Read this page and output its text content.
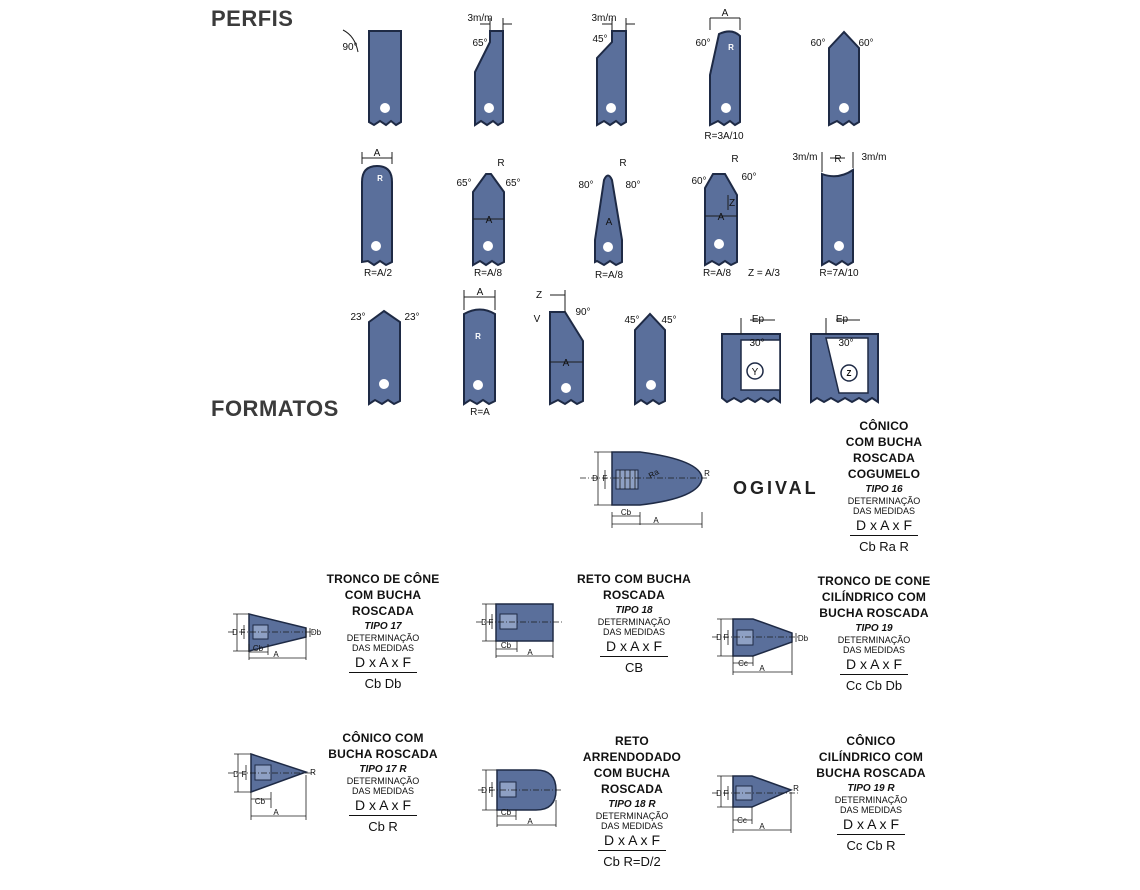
PERFIS
FORMATOS
A
90°
3m/m
65°
B
3m/m
45°
C
A
60° R
D
R=3A/10
60°	60°
E
A
R
F
R=A/2
R
65°	65°
A
G
R=A/8
R
80°	80°
A
H
R=A/8
R
60°	60°
Z
A
I
R=A/8 Z = A/3
3m/m R 3m/m
J
R=7A/10
23°	23°
K
A
R
L
R=A
Z
V
90°
A
N
45° 45°
O
Ep
30°
Y
Ep
30°
Z
D F
Cb
A
Ra	R
D F
Cb
A
Db
D F
Cb
A
D F
Cc
A
Db
D F
Cb
A
R
D F
Cb
A
D F
Cc
A
R
OGIVAL
CÔNICO
COM BUCHA
ROSCADA
COGUMELO
TIPO 16
DETERMINAÇÃO
DAS MEDIDAS
D x A x F
Cb Ra R
TRONCO DE CÔNE
COM BUCHA
ROSCADA
TIPO 17
DETERMINAÇÃO
DAS MEDIDAS
D x A x F
Cb Db
RETO COM BUCHA
ROSCADA
TIPO 18
DETERMINAÇÃO
DAS MEDIDAS
D x A x F
CB
TRONCO DE CONE
CILÍNDRICO COM
BUCHA ROSCADA
TIPO 19
DETERMINAÇÃO
DAS MEDIDAS
D x A x F
Cc Cb Db
CÔNICO COM
BUCHA ROSCADA
TIPO 17 R
DETERMINAÇÃO
DAS MEDIDAS
D x A x F
Cb R
RETO
ARRENDODADO
COM BUCHA
ROSCADA
TIPO 18 R
DETERMINAÇÃO
DAS MEDIDAS
D x A x F
Cb R=D/2
CÔNICO
CILÍNDRICO COM
BUCHA ROSCADA
TIPO 19 R
DETERMINAÇÃO
DAS MEDIDAS
D x A x F
Cc Cb R
